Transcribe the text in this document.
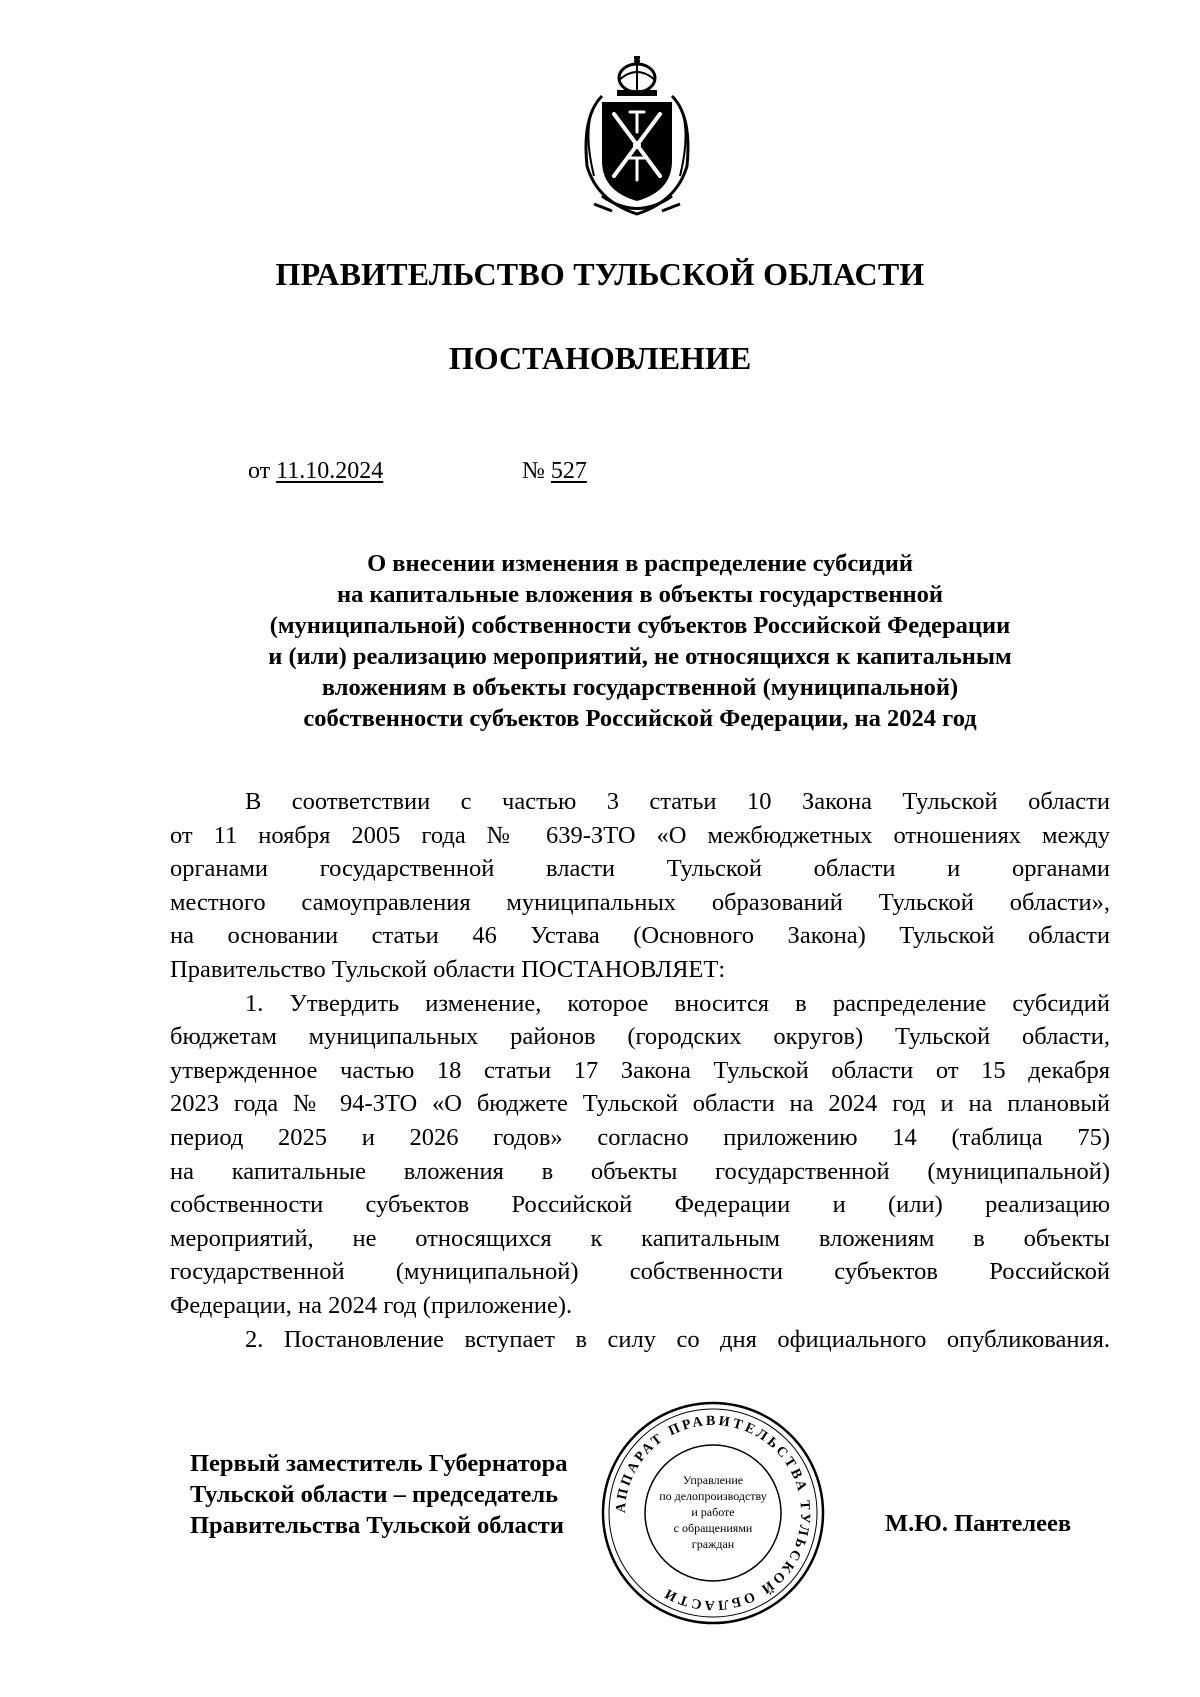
ПРАВИТЕЛЬСТВО ТУЛЬСКОЙ ОБЛАСТИ
ПОСТАНОВЛЕНИЕ
от 11.10.2024	№ 527
О внесении изменения в распределение субсидий
на капитальные вложения в объекты государственной
(муниципальной) собственности субъектов Российской Федерации
и (или) реализацию мероприятий, не относящихся к капитальным
вложениям в объекты государственной (муниципальной)
собственности субъектов Российской Федерации, на 2024 год
В соответствии с частью 3 статьи 10 Закона Тульской области
от 11 ноября 2005 года № 639-ЗТО «О межбюджетных отношениях между
органами государственной власти Тульской области и органами
местного самоуправления муниципальных образований Тульской области»,
на основании статьи 46 Устава (Основного Закона) Тульской области
Правительство Тульской области ПОСТАНОВЛЯЕТ:
1. Утвердить изменение, которое вносится в распределение субсидий
бюджетам муниципальных районов (городских округов) Тульской области,
утвержденное частью 18 статьи 17 Закона Тульской области от 15 декабря
2023 года № 94-ЗТО «О бюджете Тульской области на 2024 год и на плановый
период 2025 и 2026 годов» согласно приложению 14 (таблица 75)
на капитальные вложения в объекты государственной (муниципальной)
собственности субъектов Российской Федерации и (или) реализацию
мероприятий, не относящихся к капитальным вложениям в объекты
государственной (муниципальной) собственности субъектов Российской
Федерации, на 2024 год (приложение).
2. Постановление вступает в силу со дня официального опубликования.
Первый заместитель Губернатора
Тульской области – председатель
Правительства Тульской области
АППАРАТ ПРАВИТЕЛЬСТВА ТУЛЬСКОЙ ОБЛАСТИ
Управление
по делопроизводству
и работе
с обращениями
граждан
М.Ю. Пантелеев
